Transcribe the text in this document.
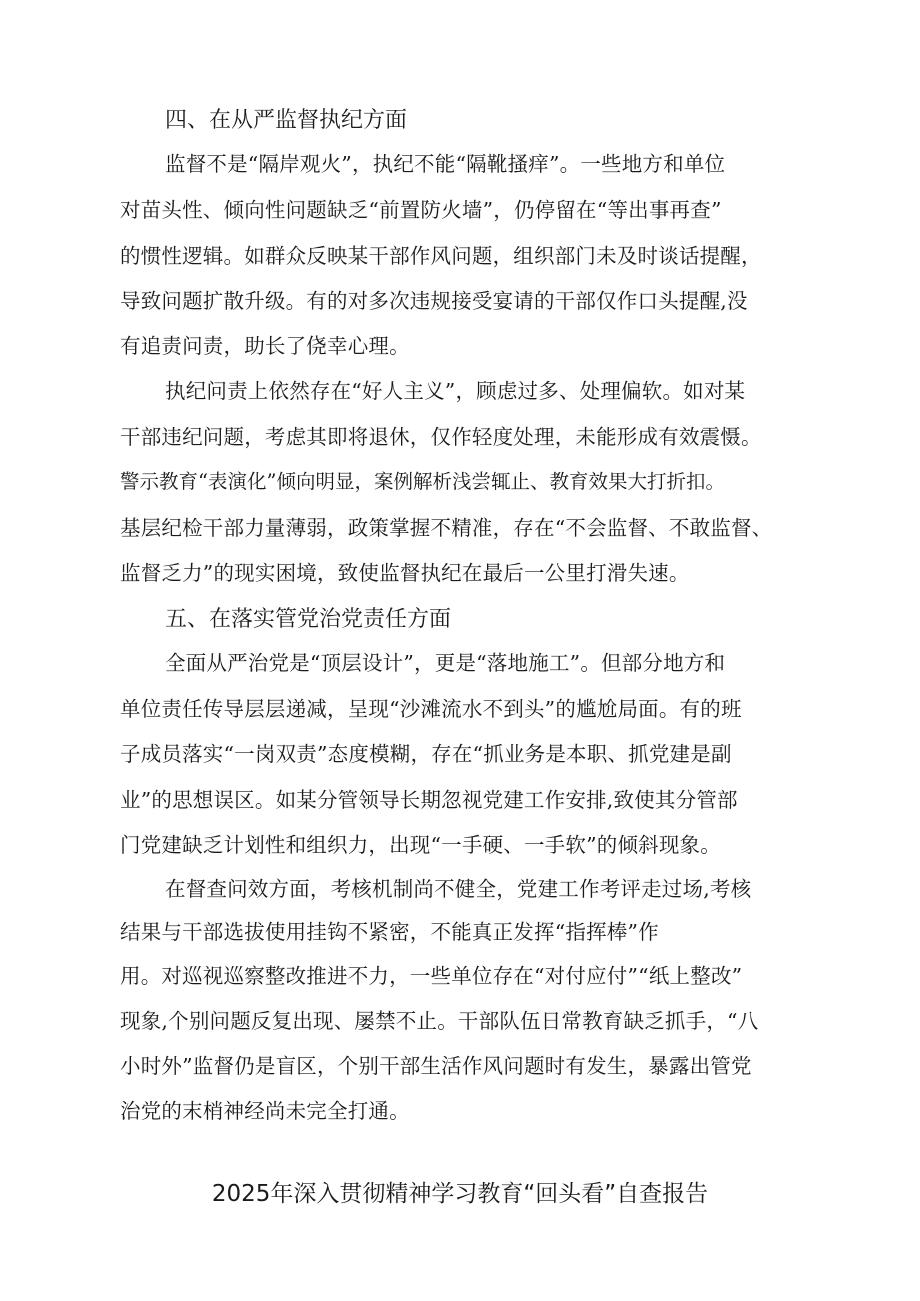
四、在从严监督执纪方面
监督不是“隔岸观火”，执纪不能“隔靴搔痒”。一些地方和单位
对苗头性、倾向性问题缺乏“前置防火墙”，仍停留在“等出事再查”
的惯性逻辑。如群众反映某干部作风问题，组织部门未及时谈话提醒，
导致问题扩散升级。有的对多次违规接受宴请的干部仅作口头提醒,没
有追责问责，助长了侥幸心理。
执纪问责上依然存在“好人主义”，顾虑过多、处理偏软。如对某
干部违纪问题，考虑其即将退休，仅作轻度处理，未能形成有效震慑。
警示教育“表演化”倾向明显，案例解析浅尝辄止、教育效果大打折扣。
基层纪检干部力量薄弱，政策掌握不精准，存在“不会监督、不敢监督、
监督乏力”的现实困境，致使监督执纪在最后一公里打滑失速。
五、在落实管党治党责任方面
全面从严治党是“顶层设计”，更是“落地施工”。但部分地方和
单位责任传导层层递减，呈现“沙滩流水不到头”的尴尬局面。有的班
子成员落实“一岗双责”态度模糊，存在“抓业务是本职、抓党建是副
业”的思想误区。如某分管领导长期忽视党建工作安排,致使其分管部
门党建缺乏计划性和组织力，出现“一手硬、一手软”的倾斜现象。
在督查问效方面，考核机制尚不健全，党建工作考评走过场,考核
结果与干部选拔使用挂钩不紧密，不能真正发挥“指挥棒”作
用。对巡视巡察整改推进不力，一些单位存在“对付应付”“纸上整改”
现象,个别问题反复出现、屡禁不止。干部队伍日常教育缺乏抓手，“八
小时外”监督仍是盲区，个别干部生活作风问题时有发生，暴露出管党
治党的末梢神经尚未完全打通。
2025年深入贯彻精神学习教育“回头看”自查报告
